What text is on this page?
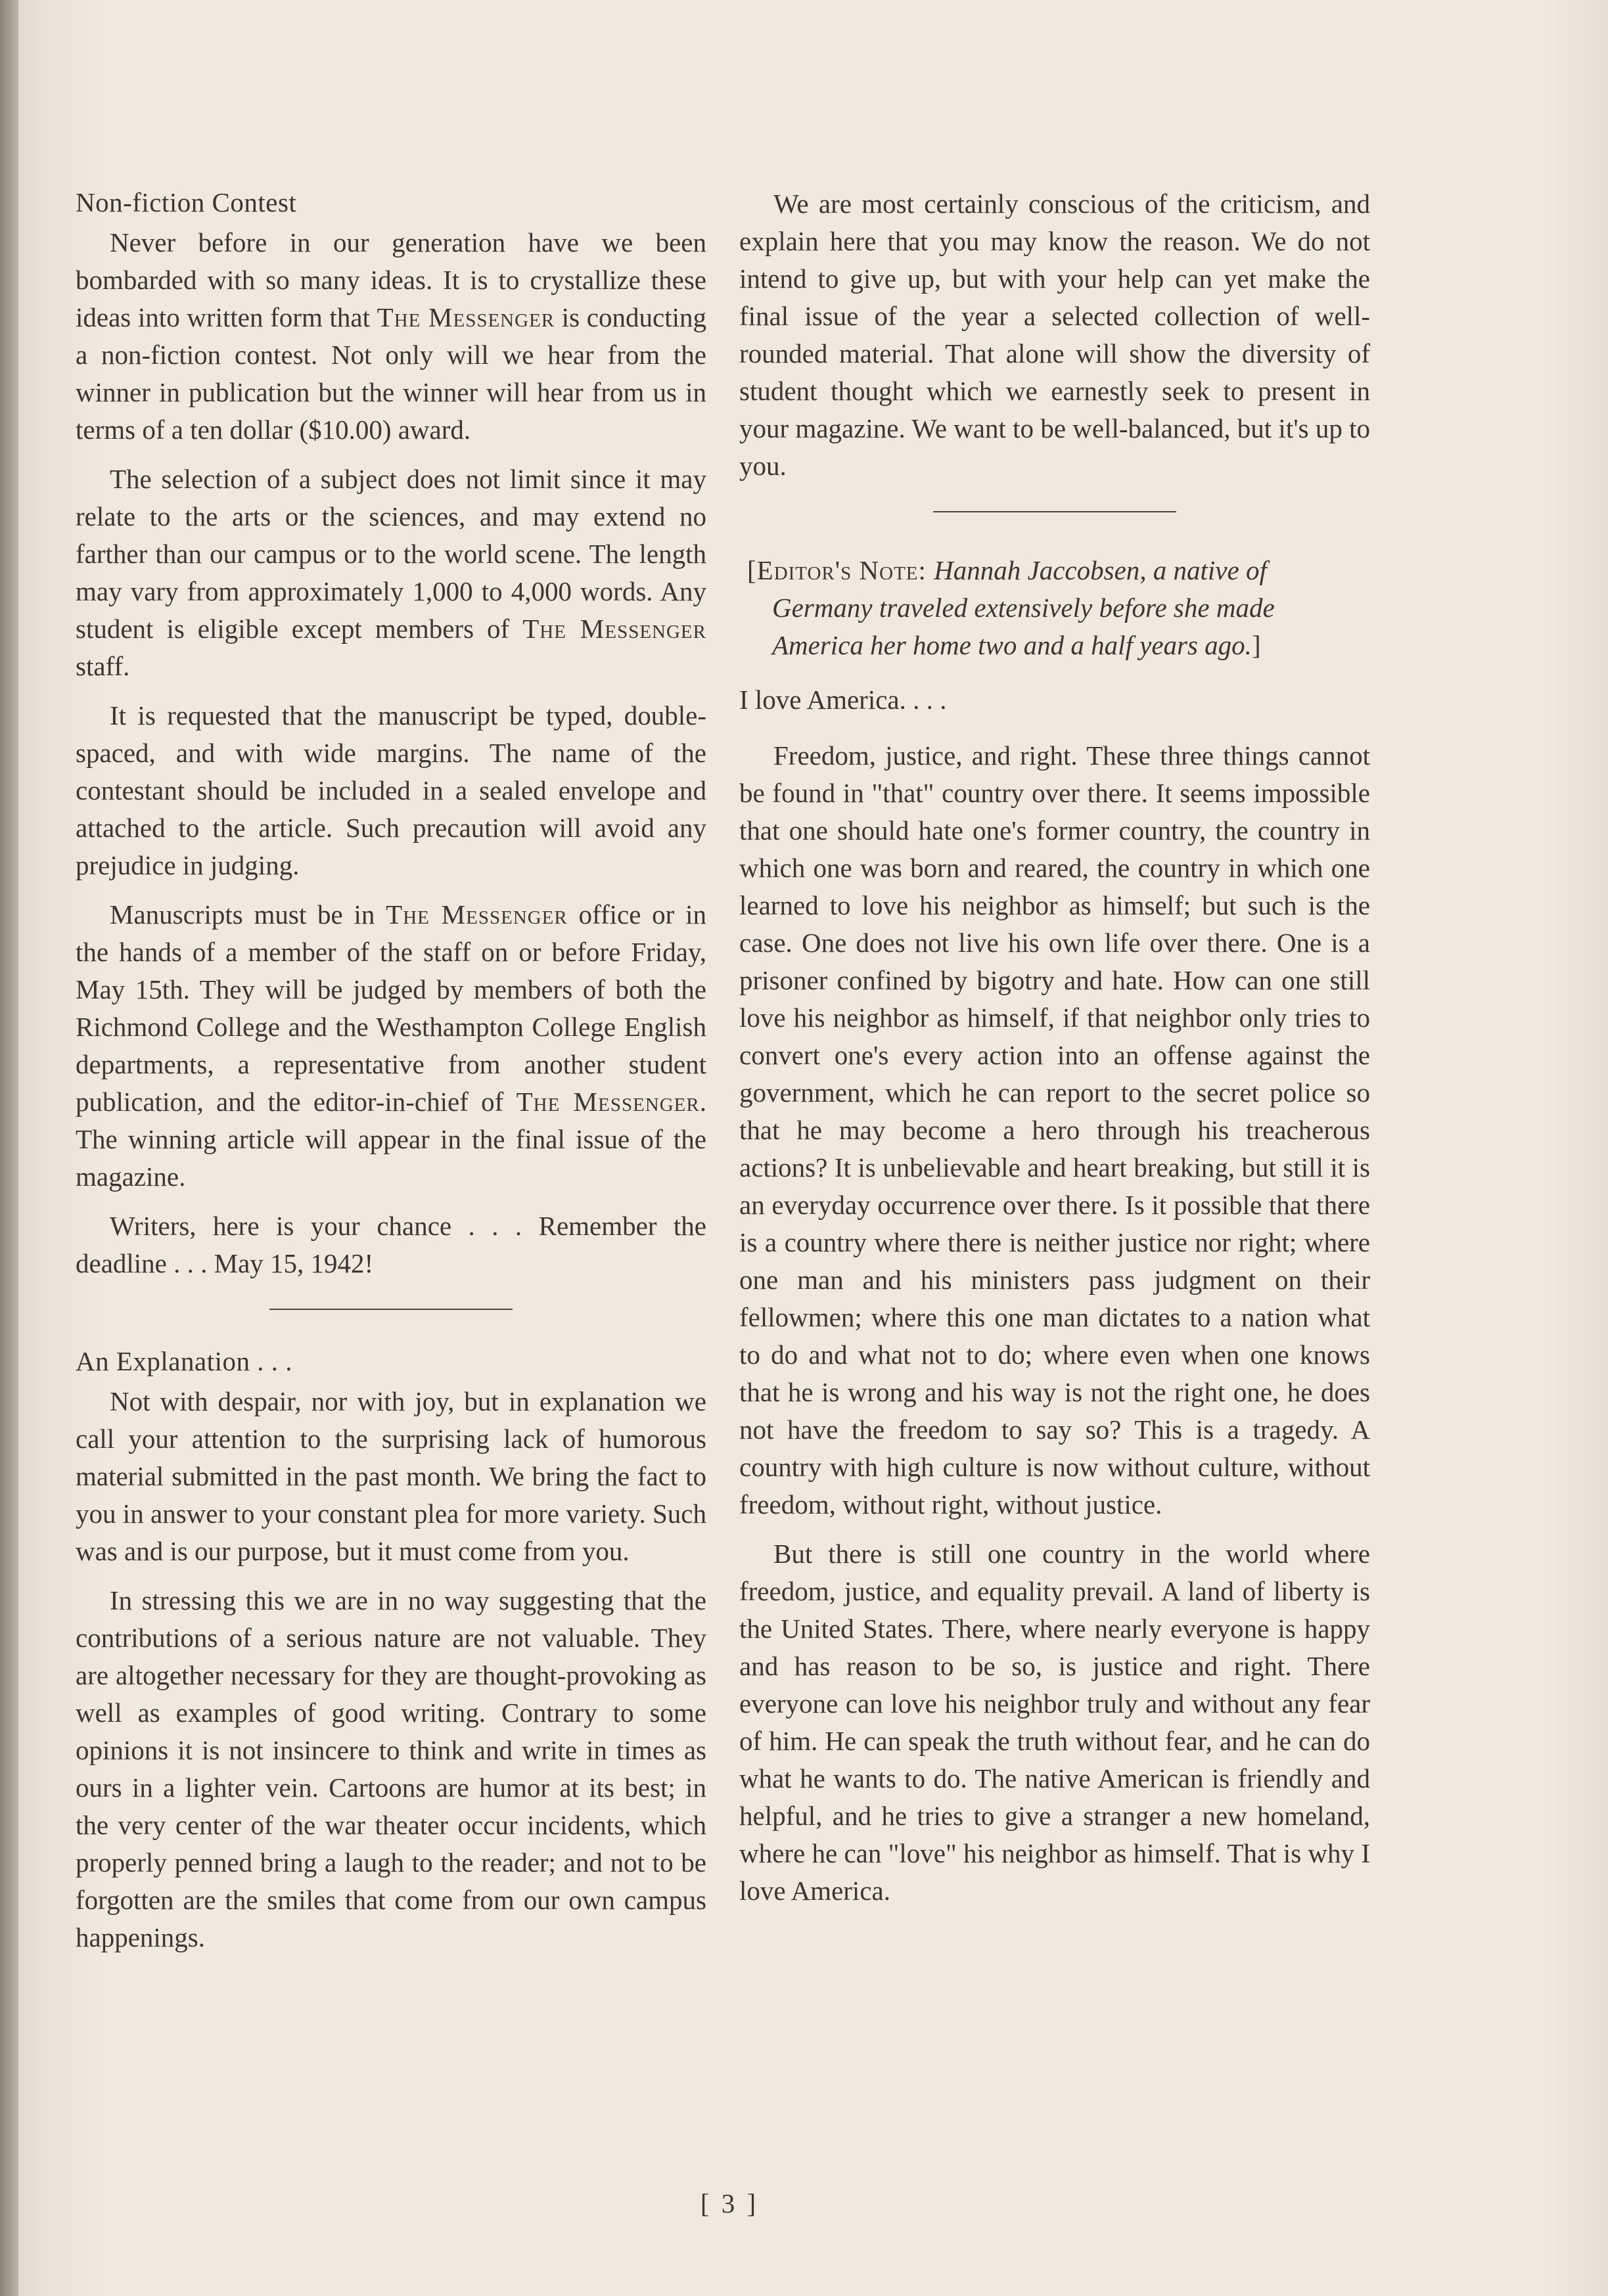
Non-fiction Contest

Never before in our generation have we been bombarded with so many ideas. It is to crystallize these ideas into written form that The Messenger is conducting a non-fiction contest. Not only will we hear from the winner in publication but the winner will hear from us in terms of a ten dollar ($10.00) award.

The selection of a subject does not limit since it may relate to the arts or the sciences, and may extend no farther than our campus or to the world scene. The length may vary from approximately 1,000 to 4,000 words. Any student is eligible except members of The Messenger staff.

It is requested that the manuscript be typed, double-spaced, and with wide margins. The name of the contestant should be included in a sealed envelope and attached to the article. Such precaution will avoid any prejudice in judging.

Manuscripts must be in The Messenger office or in the hands of a member of the staff on or before Friday, May 15th. They will be judged by members of both the Richmond College and the Westhampton College English departments, a representative from another student publication, and the editor-in-chief of The Messenger. The winning article will appear in the final issue of the magazine.

Writers, here is your chance . . . Remember the deadline . . . May 15, 1942!

An Explanation . . .

Not with despair, nor with joy, but in explanation we call your attention to the surprising lack of humorous material submitted in the past month. We bring the fact to you in answer to your constant plea for more variety. Such was and is our purpose, but it must come from you.

In stressing this we are in no way suggesting that the contributions of a serious nature are not valuable. They are altogether necessary for they are thought-provoking as well as examples of good writing. Contrary to some opinions it is not insincere to think and write in times as ours in a lighter vein. Cartoons are humor at its best; in the very center of the war theater occur incidents, which properly penned bring a laugh to the reader; and not to be forgotten are the smiles that come from our own campus happenings.

We are most certainly conscious of the criticism, and explain here that you may know the reason. We do not intend to give up, but with your help can yet make the final issue of the year a selected collection of well-rounded material. That alone will show the diversity of student thought which we earnestly seek to present in your magazine. We want to be well-balanced, but it's up to you.

[Editor's Note: Hannah Jaccobsen, a native of Germany traveled extensively before she made America her home two and a half years ago.]

I love America. . . .

Freedom, justice, and right. These three things cannot be found in "that" country over there. It seems impossible that one should hate one's former country, the country in which one was born and reared, the country in which one learned to love his neighbor as himself; but such is the case. One does not live his own life over there. One is a prisoner confined by bigotry and hate. How can one still love his neighbor as himself, if that neighbor only tries to convert one's every action into an offense against the government, which he can report to the secret police so that he may become a hero through his treacherous actions? It is unbelievable and heart breaking, but still it is an everyday occurrence over there. Is it possible that there is a country where there is neither justice nor right; where one man and his ministers pass judgment on their fellowmen; where this one man dictates to a nation what to do and what not to do; where even when one knows that he is wrong and his way is not the right one, he does not have the freedom to say so? This is a tragedy. A country with high culture is now without culture, without freedom, without right, without justice.

But there is still one country in the world where freedom, justice, and equality prevail. A land of liberty is the United States. There, where nearly everyone is happy and has reason to be so, is justice and right. There everyone can love his neighbor truly and without any fear of him. He can speak the truth without fear, and he can do what he wants to do. The native American is friendly and helpful, and he tries to give a stranger a new homeland, where he can "love" his neighbor as himself. That is why I love America.

[ 3 ]
